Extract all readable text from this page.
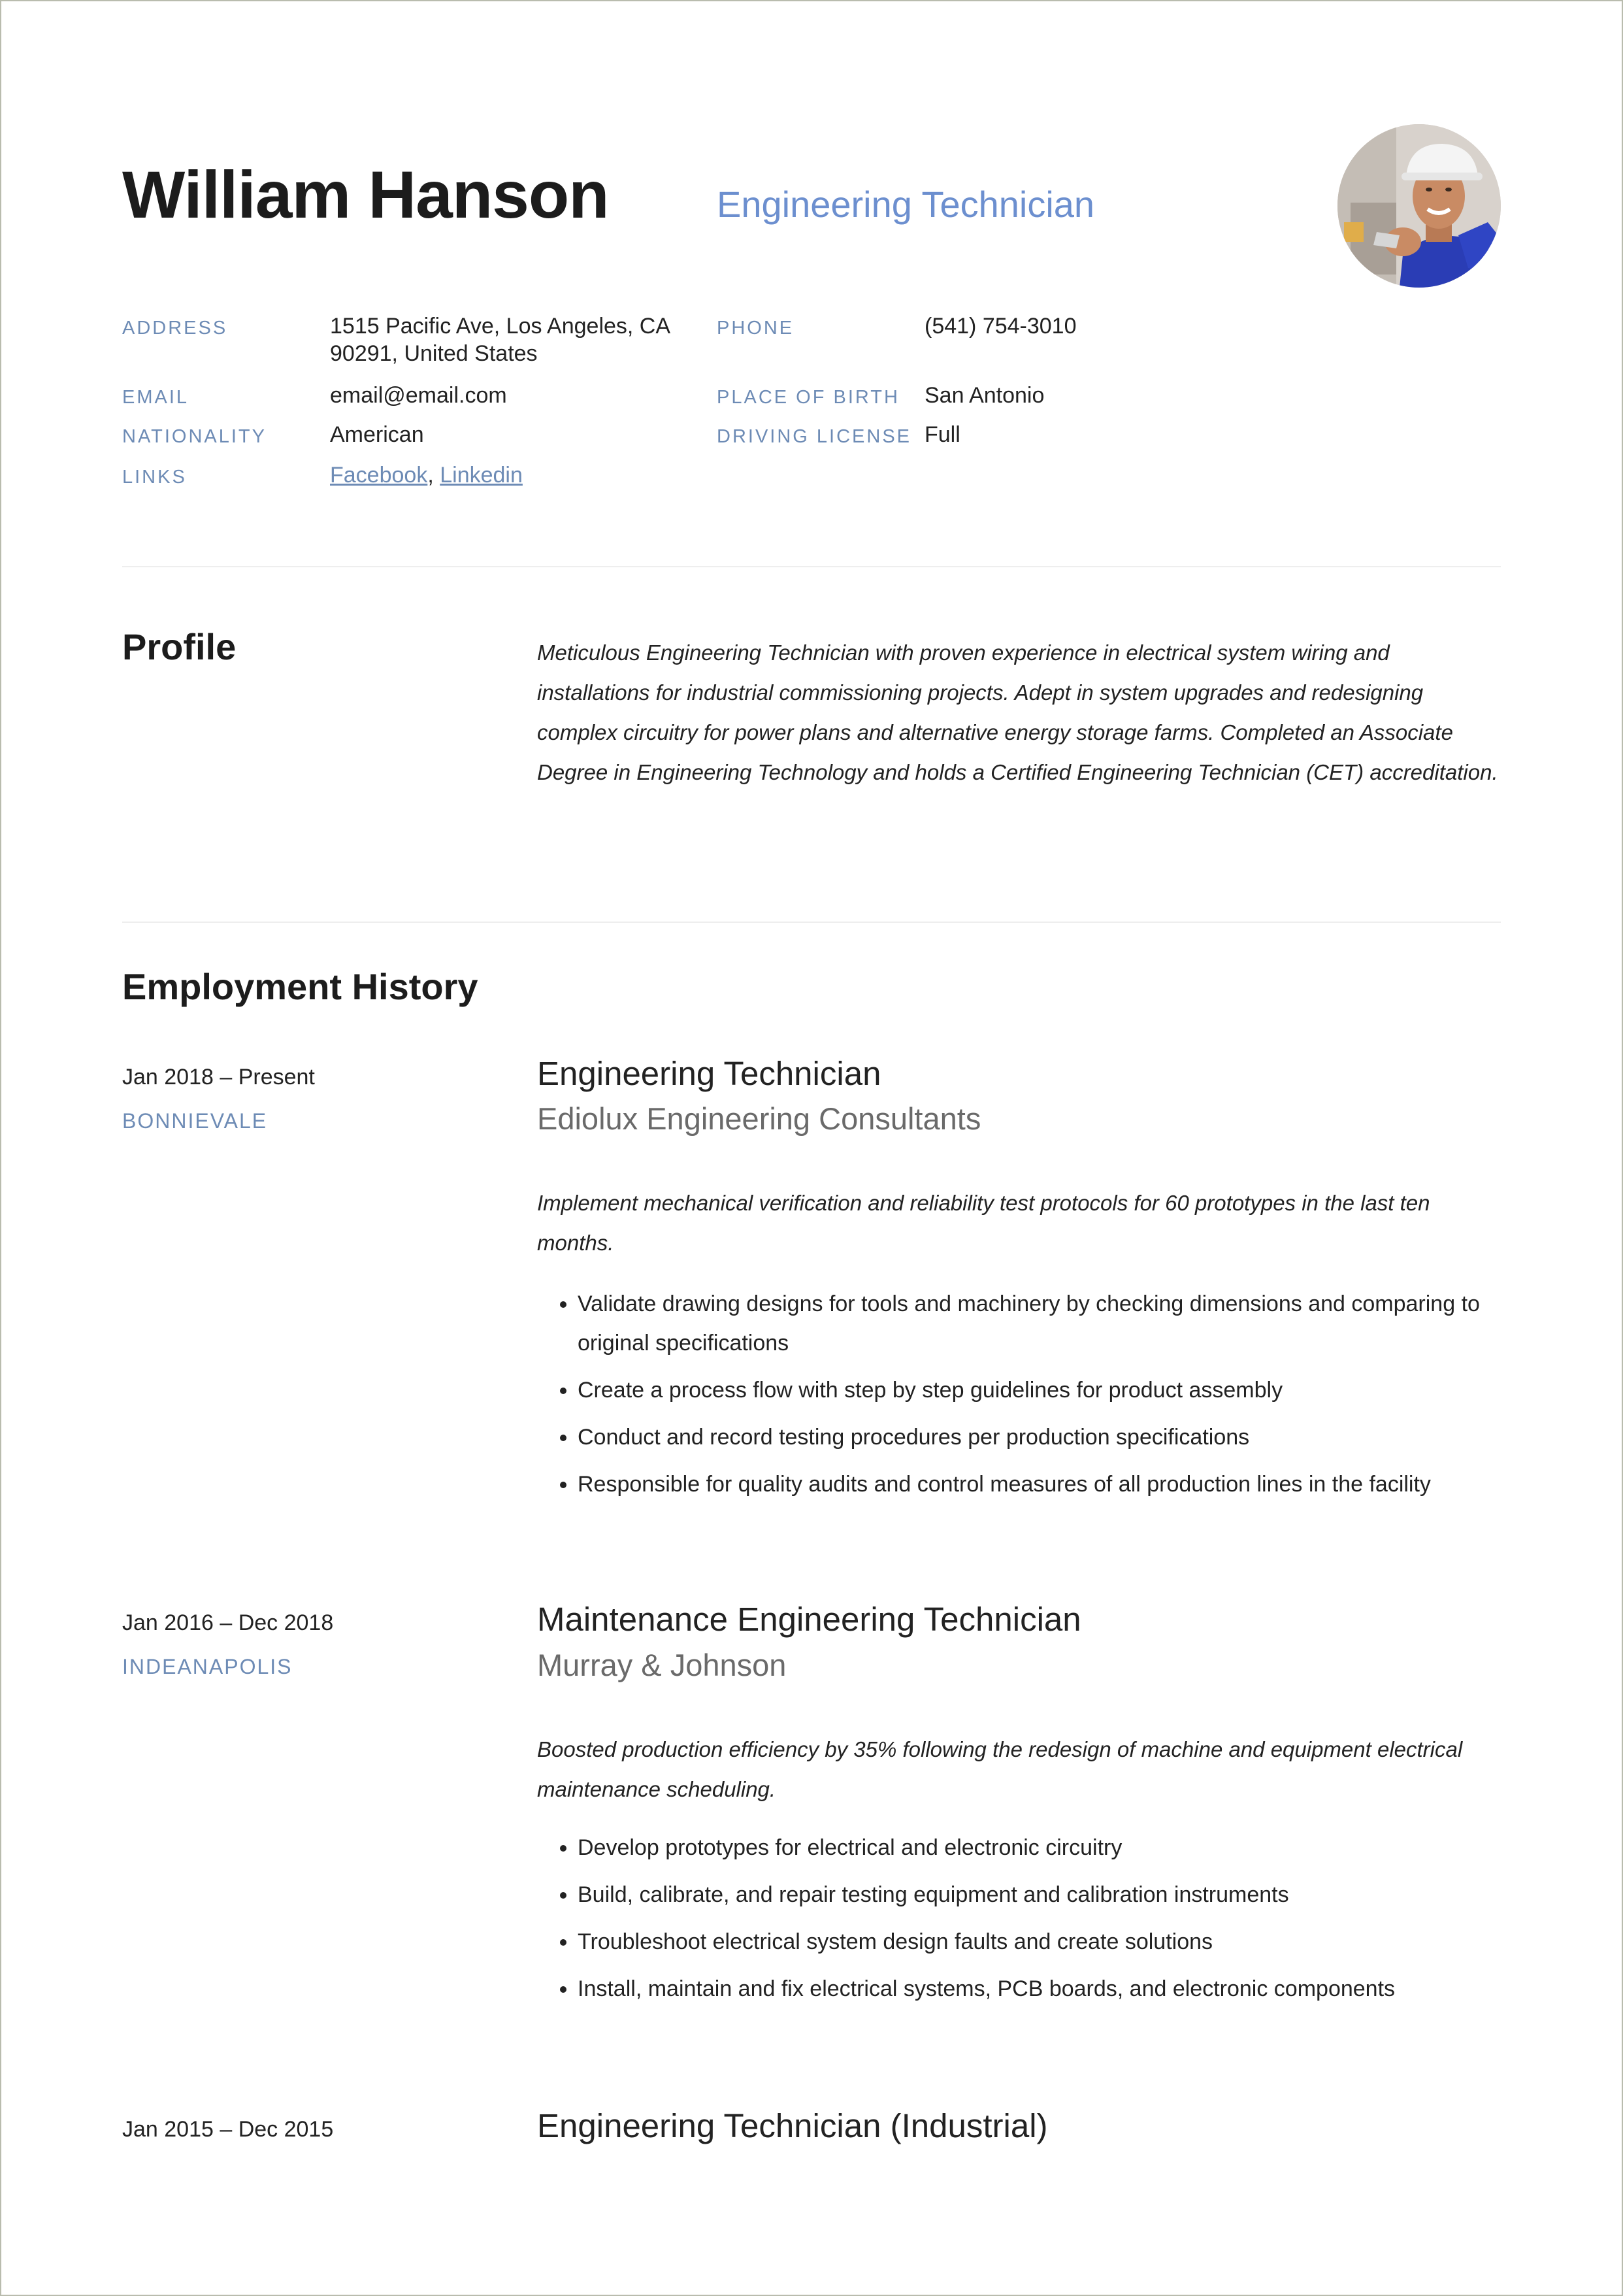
William Hanson	Engineering Technician
ADDRESS	1515 Pacific Ave, Los Angeles, CA
90291, United States
PHONE	(541) 754-3010
EMAIL	email@email.com	PLACE OF BIRTH San Antonio
NATIONALITY	American	DRIVING LICENSE Full
LINKS	Facebook, Linkedin
Profile	Meticulous Engineering Technician with proven experience in electrical system wiring and installations for industrial commissioning projects. Adept in system upgrades and redesigning complex circuitry for power plans and alternative energy storage farms. Completed an Associate Degree in Engineering Technology and holds a Certified Engineering Technician (CET) accreditation.
Employment History
Jan 2018 – Present
BONNIEVALE
Engineering Technician
Ediolux Engineering Consultants
Implement mechanical verification and reliability test protocols for 60 prototypes in the last ten months.
• Validate drawing designs for tools and machinery by checking dimensions and comparing to original specifications
• Create a process flow with step by step guidelines for product assembly
• Conduct and record testing procedures per production specifications
• Responsible for quality audits and control measures of all production lines in the facility
Jan 2016 – Dec 2018
INDEANAPOLIS
Maintenance Engineering Technician
Murray & Johnson
Boosted production efficiency by 35% following the redesign of machine and equipment electrical maintenance scheduling.
• Develop prototypes for electrical and electronic circuitry
• Build, calibrate, and repair testing equipment and calibration instruments
• Troubleshoot electrical system design faults and create solutions
• Install, maintain and fix electrical systems, PCB boards, and electronic components
Jan 2015 – Dec 2015	Engineering Technician (Industrial)
